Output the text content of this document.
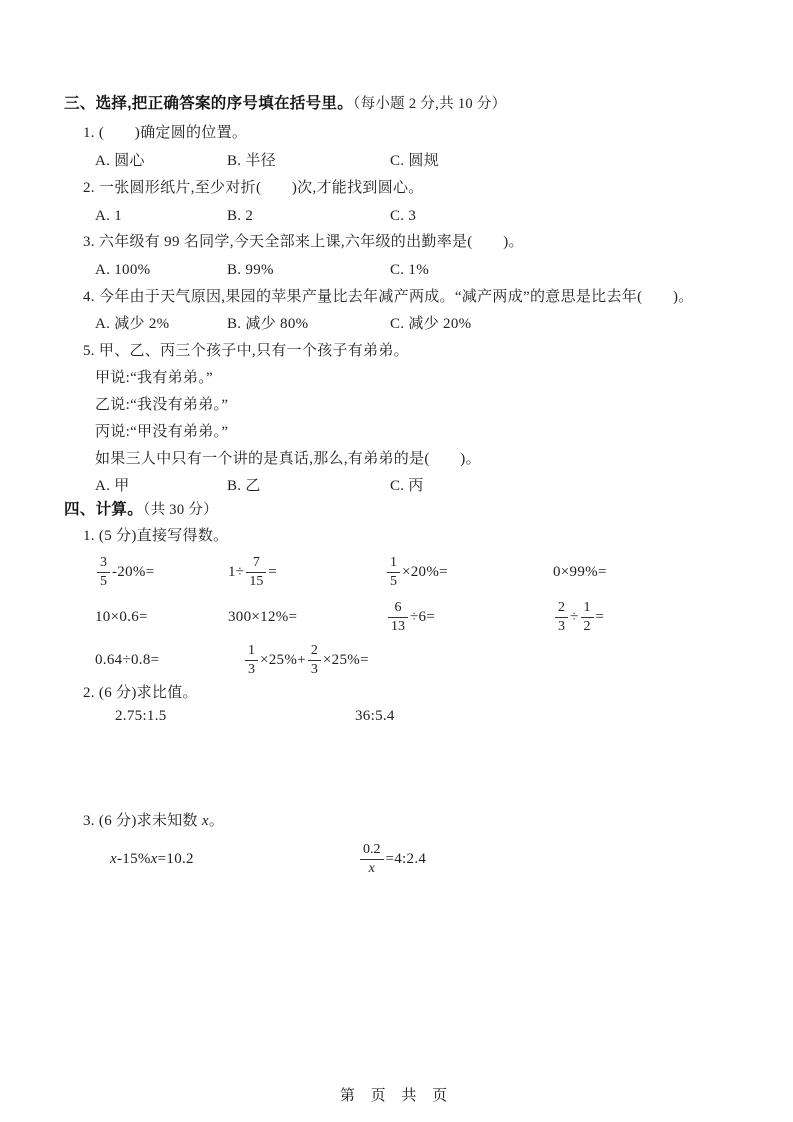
三、选择,把正确答案的序号填在括号里。（每小题 2 分,共 10 分）
1. (　　)确定圆的位置。
A. 圆心	B. 半径	C. 圆规
2. 一张圆形纸片,至少对折(　　)次,才能找到圆心。
A. 1	B. 2	C. 3
3. 六年级有 99 名同学,今天全部来上课,六年级的出勤率是(　　)。
A. 100%	B. 99%	C. 1%
4. 今年由于天气原因,果园的苹果产量比去年减产两成。“减产两成”的意思是比去年(　　)。
A. 减少 2%	B. 减少 80%	C. 减少 20%
5. 甲、乙、丙三个孩子中,只有一个孩子有弟弟。
甲说:“我有弟弟。”
乙说:“我没有弟弟。”
丙说:“甲没有弟弟。”
如果三人中只有一个讲的是真话,那么,有弟弟的是(　　)。
A. 甲	B. 乙	C. 丙
四、计算。（共 30 分）
1. (5 分)直接写得数。
$\frac{3}{5} -20\%=$	$1\div \frac{7}{15}$ =	$\frac{1}{5} \times 20\%=$	0×99%=
10×0.6=	300×12%=	$\frac{6}{13} \div 6=$	$\frac{2}{3} \div \frac{1}{2}$ =
0.64÷0.8=	$\frac{1}{3} \times 25\%+ \frac{2}{3} \times 25\%=$
2. (6 分)求比值。
2.75:1.5	36:5.4
3. (6 分)求未知数 x。
x-15%x=10.2	$\frac{0.2}{x}$ =4:2.4
第 页 共 页
